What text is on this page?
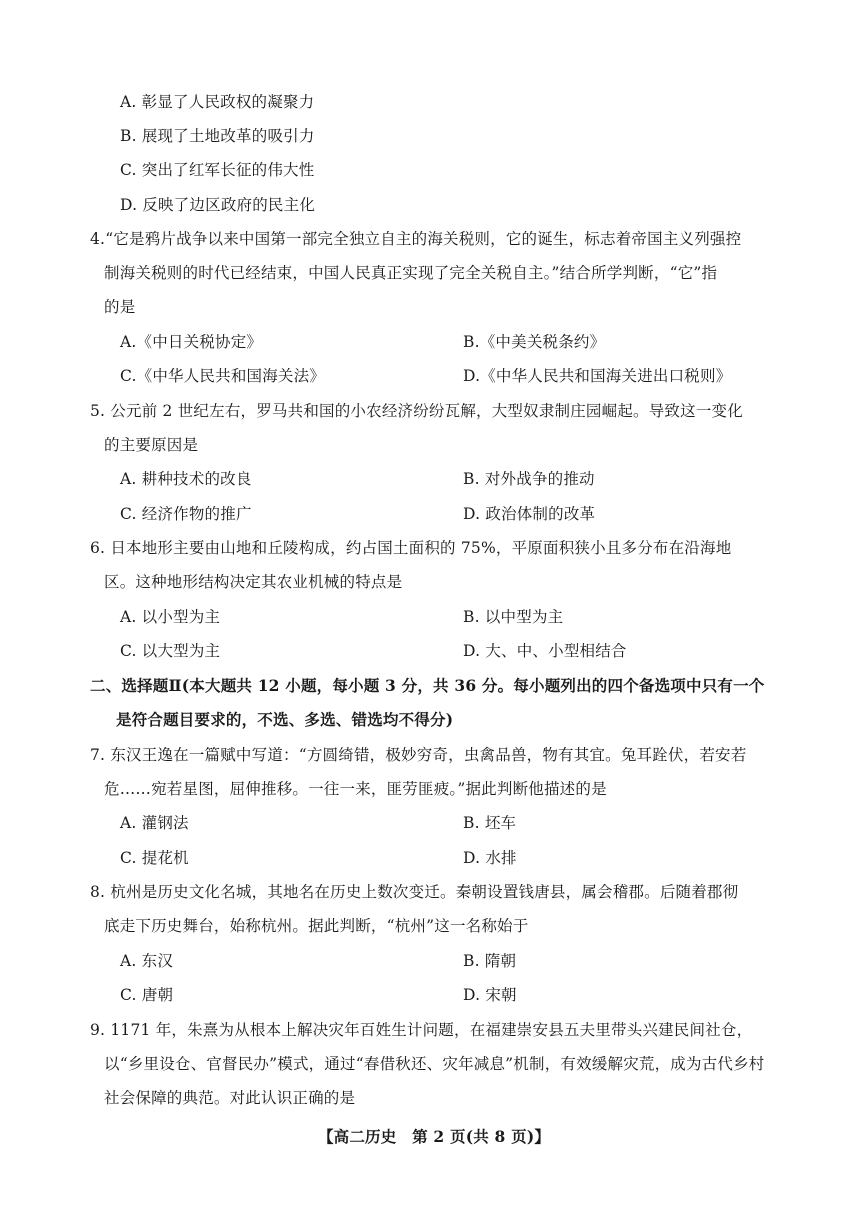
A. 彰显了人民政权的凝聚力
B. 展现了土地改革的吸引力
C. 突出了红军长征的伟大性
D. 反映了边区政府的民主化
4.“它是鸦片战争以来中国第一部完全独立自主的海关税则，它的诞生，标志着帝国主义列强控
制海关税则的时代已经结束，中国人民真正实现了完全关税自主。”结合所学判断，“它”指
的是
A.《中日关税协定》	B.《中美关税条约》
C.《中华人民共和国海关法》	D.《中华人民共和国海关进出口税则》
5. 公元前 2 世纪左右，罗马共和国的小农经济纷纷瓦解，大型奴隶制庄园崛起。导致这一变化
的主要原因是
A. 耕种技术的改良	B. 对外战争的推动
C. 经济作物的推广	D. 政治体制的改革
6. 日本地形主要由山地和丘陵构成，约占国土面积的 75%，平原面积狭小且多分布在沿海地
区。这种地形结构决定其农业机械的特点是
A. 以小型为主	B. 以中型为主
C. 以大型为主	D. 大、中、小型相结合
二、选择题Ⅱ(本大题共 12 小题，每小题 3 分，共 36 分。每小题列出的四个备选项中只有一个
是符合题目要求的，不选、多选、错选均不得分)
7. 东汉王逸在一篇赋中写道：“方圆绮错，极妙穷奇，虫禽品兽，物有其宜。兔耳跧伏，若安若
危……宛若星图，屈伸推移。一往一来，匪劳匪疲。”据此判断他描述的是
A. 灌钢法	B. 坯车
C. 提花机	D. 水排
8. 杭州是历史文化名城，其地名在历史上数次变迁。秦朝设置钱唐县，属会稽郡。后随着郡彻
底走下历史舞台，始称杭州。据此判断，“杭州”这一名称始于
A. 东汉	B. 隋朝
C. 唐朝	D. 宋朝
9. 1171 年，朱熹为从根本上解决灾年百姓生计问题，在福建崇安县五夫里带头兴建民间社仓，
【高二历史　第 2 页(共 8 页)】
以“乡里设仓、官督民办”模式，通过“春借秋还、灾年减息”机制，有效缓解灾荒，成为古代乡村
社会保障的典范。对此认识正确的是
